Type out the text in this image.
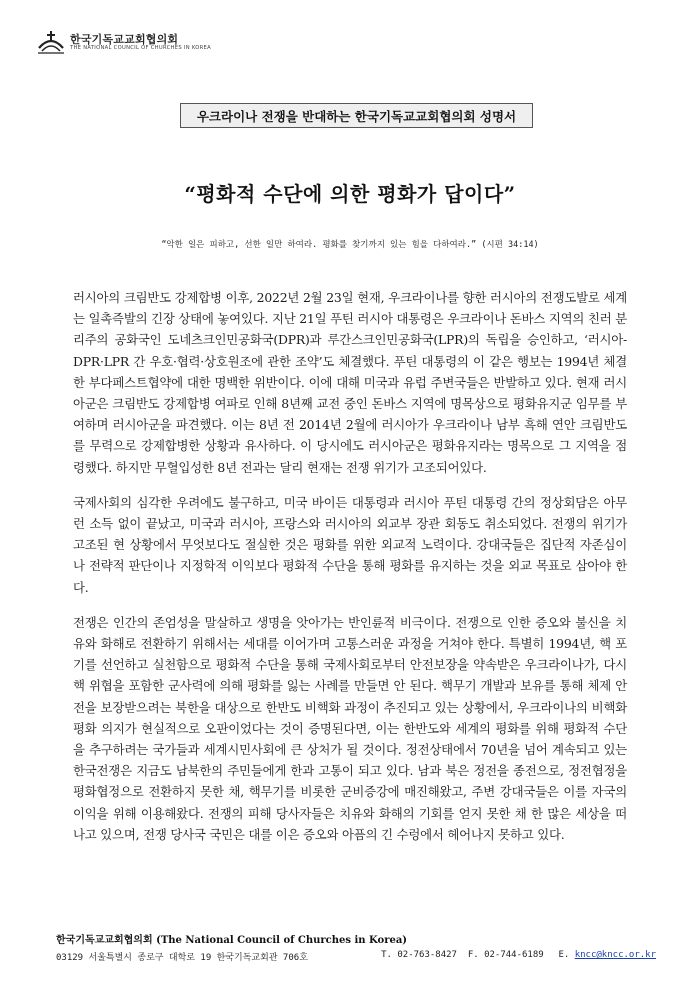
한국기독교교회협의회
THE NATIONAL COUNCIL OF CHURCHES IN KOREA
우크라이나 전쟁을 반대하는 한국기독교교회협의회 성명서
“평화적 수단에 의한 평화가 답이다”
“악한 일은 피하고, 선한 일만 하여라. 평화를 찾기까지 있는 힘을 다하여라.” (시편 34:14)

러시아의 크림반도 강제합병 이후, 2022년 2월 23일 현재, 우크라이나를 향한 러시아의 전쟁도발로 세계는 일촉즉발의 긴장 상태에 놓여있다. 지난 21일 푸틴 러시아 대통령은 우크라이나 돈바스 지역의 친러 분리주의 공화국인 도네츠크인민공화국(DPR)과 루간스크인민공화국(LPR)의 독립을 승인하고, ‘러시아-DPR·LPR 간 우호·협력·상호원조에 관한 조약’도 체결했다. 푸틴 대통령의 이 같은 행보는 1994년 체결한 부다페스트협약에 대한 명백한 위반이다. 이에 대해 미국과 유럽 주변국들은 반발하고 있다. 현재 러시아군은 크림반도 강제합병 여파로 인해 8년째 교전 중인 돈바스 지역에 명목상으로 평화유지군 임무를 부여하며 러시아군을 파견했다. 이는 8년 전 2014년 2월에 러시아가 우크라이나 남부 흑해 연안 크림반도를 무력으로 강제합병한 상황과 유사하다. 이 당시에도 러시아군은 평화유지라는 명목으로 그 지역을 점령했다. 하지만 무혈입성한 8년 전과는 달리 현재는 전쟁 위기가 고조되어있다.

국제사회의 심각한 우려에도 불구하고, 미국 바이든 대통령과 러시아 푸틴 대통령 간의 정상회담은 아무런 소득 없이 끝났고, 미국과 러시아, 프랑스와 러시아의 외교부 장관 회동도 취소되었다. 전쟁의 위기가 고조된 현 상황에서 무엇보다도 절실한 것은 평화를 위한 외교적 노력이다. 강대국들은 집단적 자존심이나 전략적 판단이나 지정학적 이익보다 평화적 수단을 통해 평화를 유지하는 것을 외교 목표로 삼아야 한다.

전쟁은 인간의 존엄성을 말살하고 생명을 앗아가는 반인륜적 비극이다. 전쟁으로 인한 증오와 불신을 치유와 화해로 전환하기 위해서는 세대를 이어가며 고통스러운 과정을 거쳐야 한다. 특별히 1994년, 핵 포기를 선언하고 실천함으로 평화적 수단을 통해 국제사회로부터 안전보장을 약속받은 우크라이나가, 다시 핵 위협을 포함한 군사력에 의해 평화를 잃는 사례를 만들면 안 된다. 핵무기 개발과 보유를 통해 체제 안전을 보장받으려는 북한을 대상으로 한반도 비핵화 과정이 추진되고 있는 상황에서, 우크라이나의 비핵화 평화 의지가 현실적으로 오판이었다는 것이 증명된다면, 이는 한반도와 세계의 평화를 위해 평화적 수단을 추구하려는 국가들과 세계시민사회에 큰 상처가 될 것이다. 정전상태에서 70년을 넘어 계속되고 있는 한국전쟁은 지금도 남북한의 주민들에게 한과 고통이 되고 있다. 남과 북은 정전을 종전으로, 정전협정을 평화협정으로 전환하지 못한 채, 핵무기를 비롯한 군비증강에 매진해왔고, 주변 강대국들은 이를 자국의 이익을 위해 이용해왔다. 전쟁의 피해 당사자들은 치유와 화해의 기회를 얻지 못한 채 한 많은 세상을 떠나고 있으며, 전쟁 당사국 국민은 대를 이은 증오와 아픔의 긴 수렁에서 헤어나지 못하고 있다.

한국기독교교회협의회 (The National Council of Churches in Korea)
03129 서울특별시 종로구 대학로 19 한국기독교회관 706호	T. 02-763-8427	F. 02-744-6189	E. kncc@kncc.or.kr
